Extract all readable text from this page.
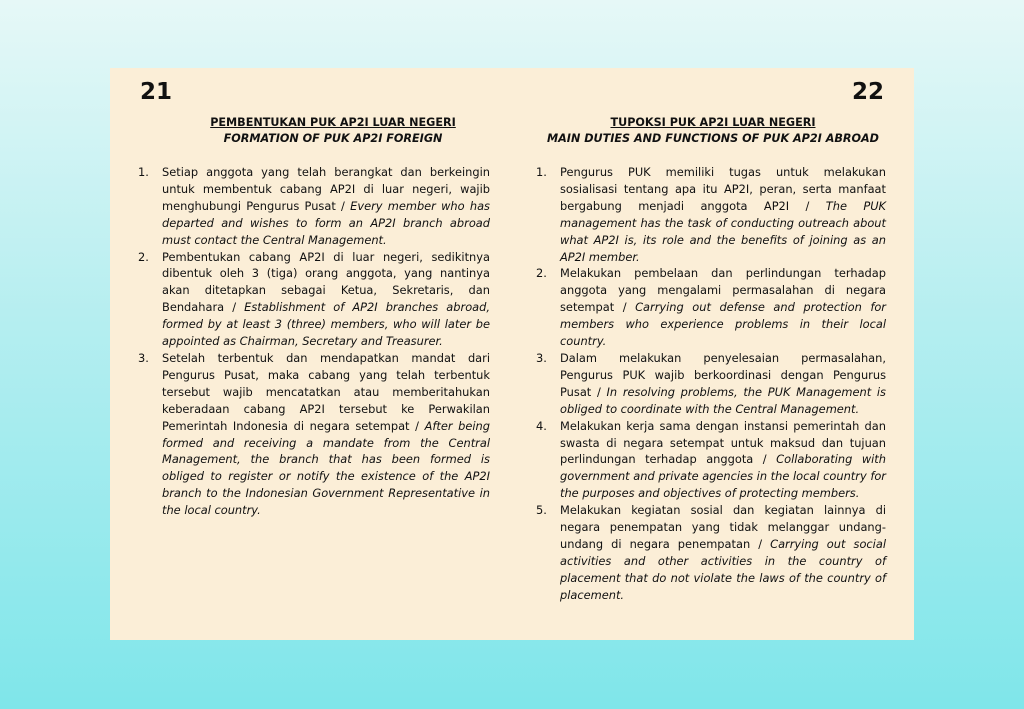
21
PEMBENTUKAN PUK AP2I LUAR NEGERI
FORMATION OF PUK AP2I FOREIGN
1. Setiap anggota yang telah berangkat dan berkeingin untuk membentuk cabang AP2I di luar negeri, wajib menghubungi Pengurus Pusat / Every member who has departed and wishes to form an AP2I branch abroad must contact the Central Management.
2. Pembentukan cabang AP2I di luar negeri, sedikitnya dibentuk oleh 3 (tiga) orang anggota, yang nantinya akan ditetapkan sebagai Ketua, Sekretaris, dan Bendahara / Establishment of AP2I branches abroad, formed by at least 3 (three) members, who will later be appointed as Chairman, Secretary and Treasurer.
3. Setelah terbentuk dan mendapatkan mandat dari Pengurus Pusat, maka cabang yang telah terbentuk tersebut wajib mencatatkan atau memberitahukan keberadaan cabang AP2I tersebut ke Perwakilan Pemerintah Indonesia di negara setempat / After being formed and receiving a mandate from the Central Management, the branch that has been formed is obliged to register or notify the existence of the AP2I branch to the Indonesian Government Representative in the local country.
22
TUPOKSI PUK AP2I LUAR NEGERI
MAIN DUTIES AND FUNCTIONS OF PUK AP2I ABROAD
1. Pengurus PUK memiliki tugas untuk melakukan sosialisasi tentang apa itu AP2I, peran, serta manfaat bergabung menjadi anggota AP2I / The PUK management has the task of conducting outreach about what AP2I is, its role and the benefits of joining as an AP2I member.
2. Melakukan pembelaan dan perlindungan terhadap anggota yang mengalami permasalahan di negara setempat / Carrying out defense and protection for members who experience problems in their local country.
3. Dalam melakukan penyelesaian permasalahan, Pengurus PUK wajib berkoordinasi dengan Pengurus Pusat / In resolving problems, the PUK Management is obliged to coordinate with the Central Management.
4. Melakukan kerja sama dengan instansi pemerintah dan swasta di negara setempat untuk maksud dan tujuan perlindungan terhadap anggota / Collaborating with government and private agencies in the local country for the purposes and objectives of protecting members.
5. Melakukan kegiatan sosial dan kegiatan lainnya di negara penempatan yang tidak melanggar undang-undang di negara penempatan / Carrying out social activities and other activities in the country of placement that do not violate the laws of the country of placement.
